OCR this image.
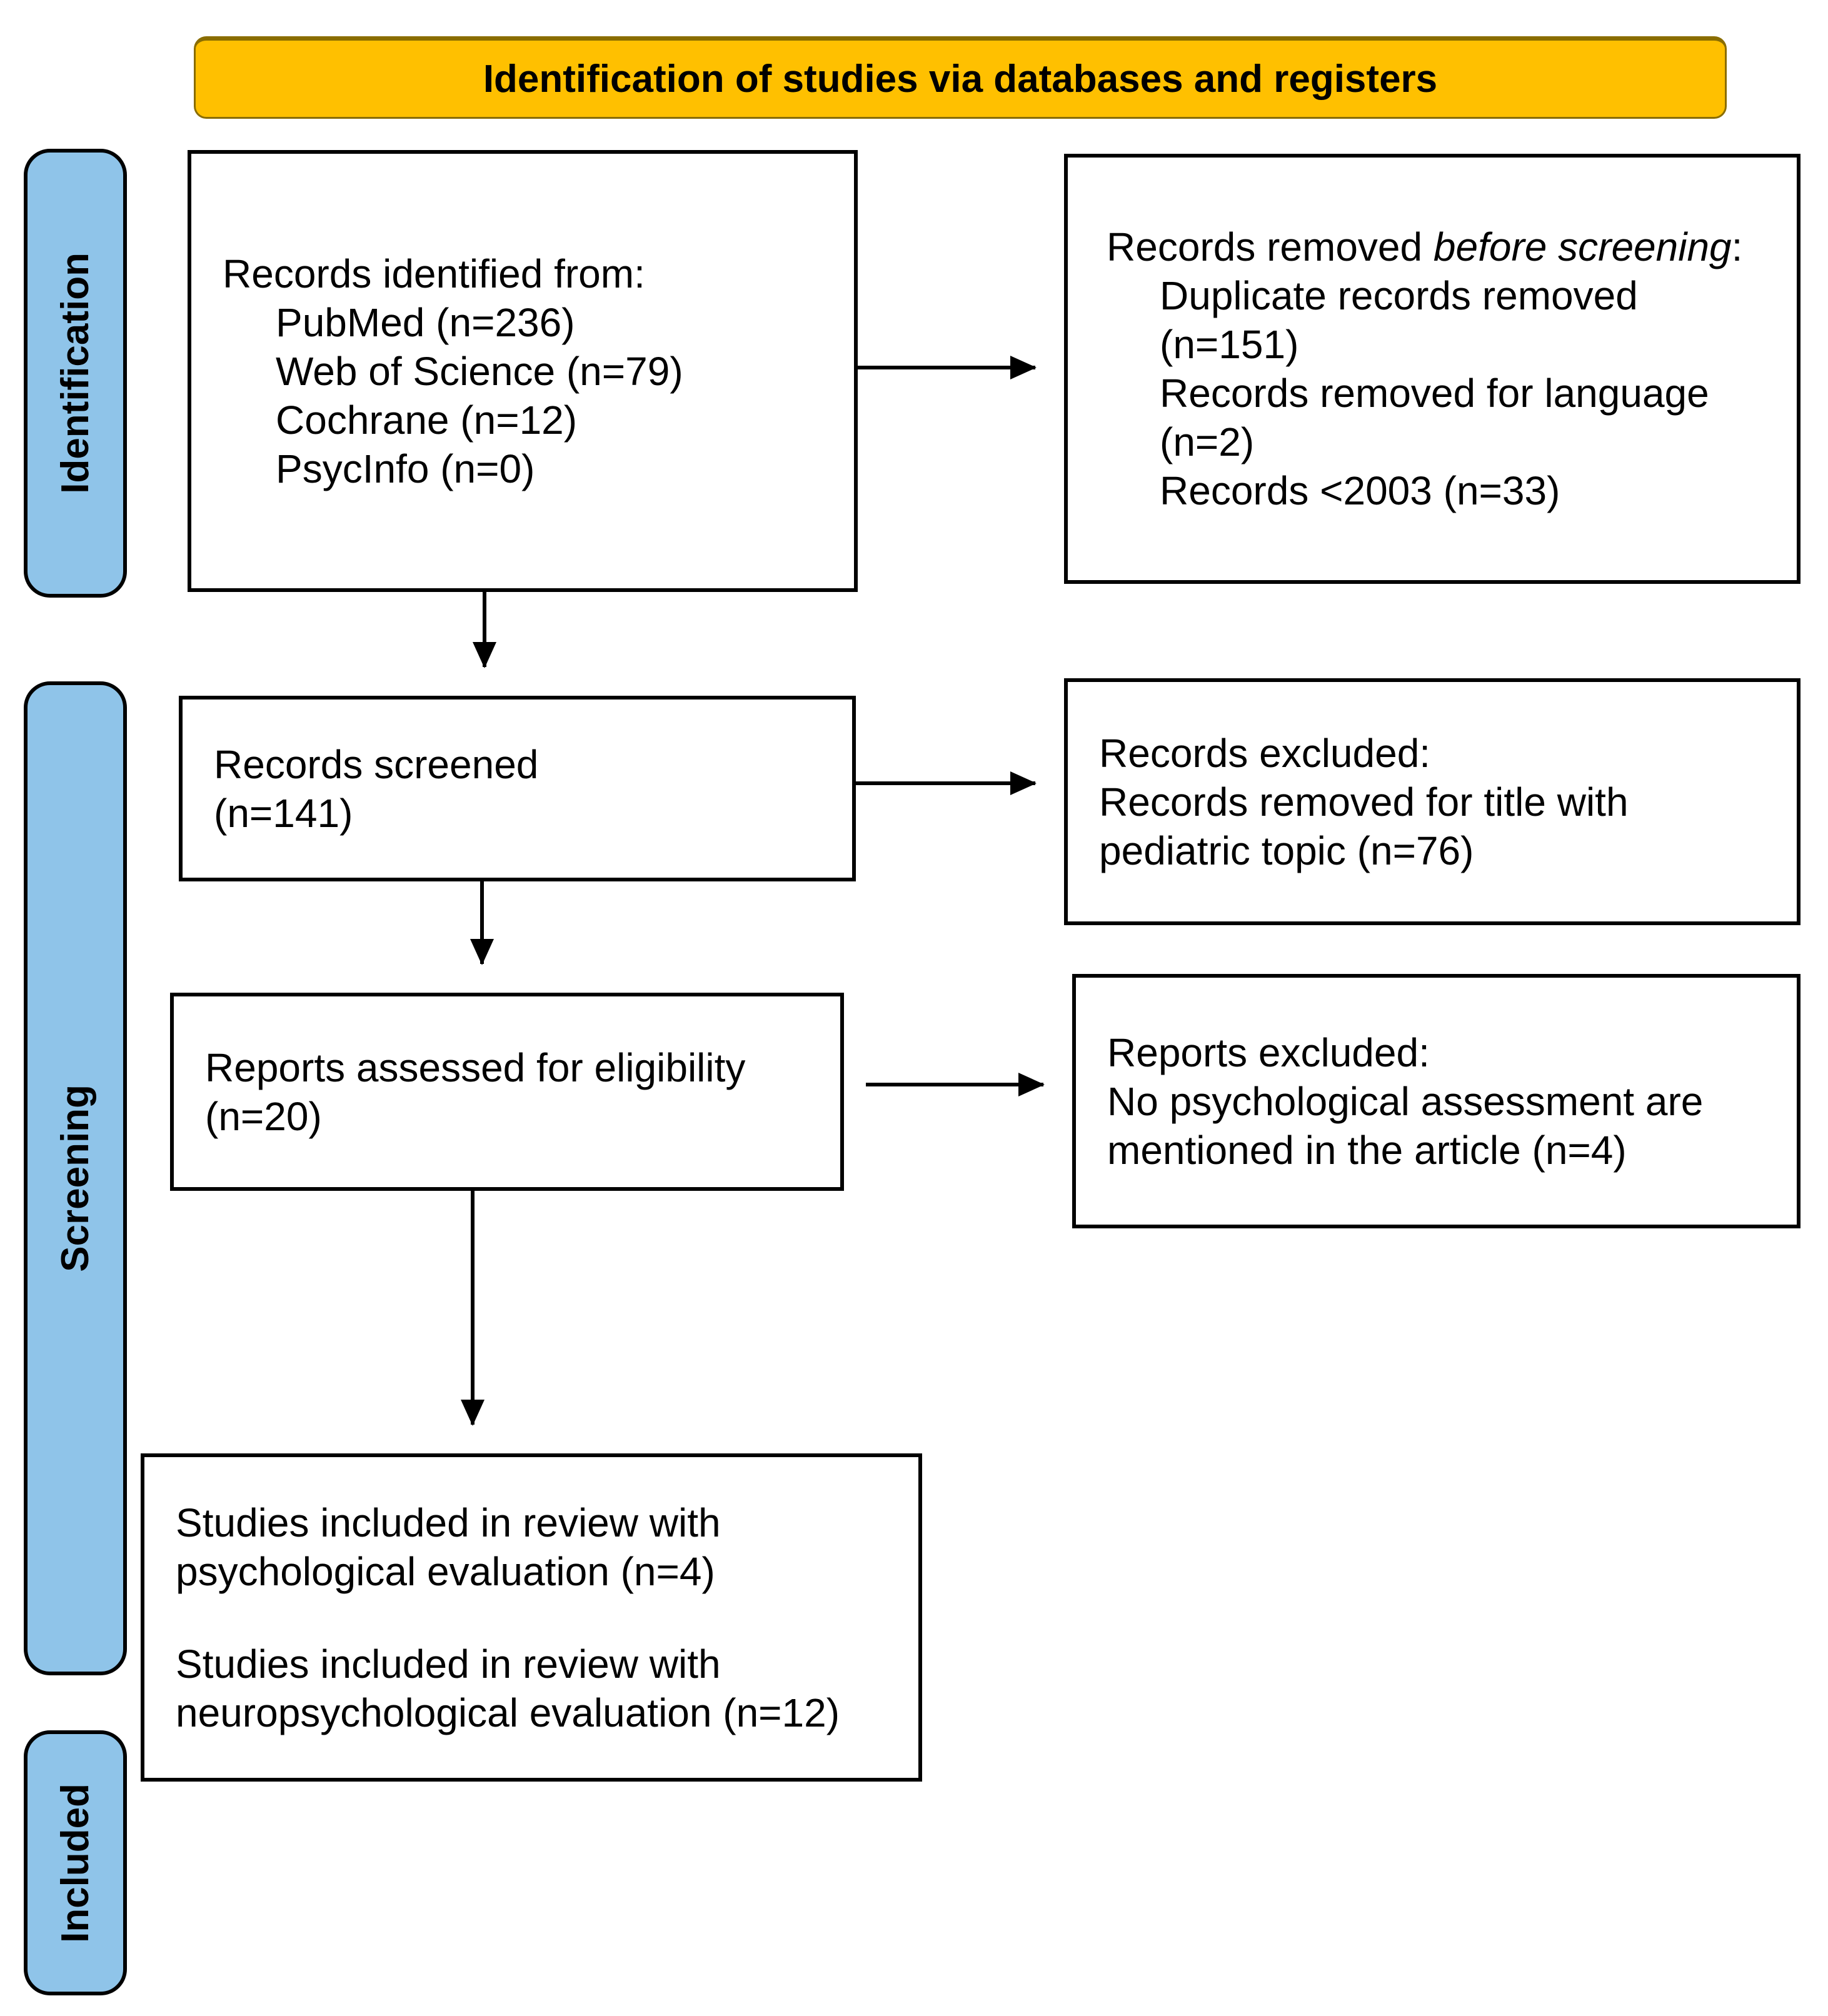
Identification of studies via databases and registers
Identification
Screening
Included
Records identified from:
PubMed (n=236)
Web of Science (n=79)
Cochrane (n=12)
PsycInfo (n=0)
Records removed before screening:
Duplicate records removed (n=151)
Records removed for language (n=2)
Records <2003 (n=33)
Records screened
(n=141)
Records excluded:
Records removed for title with pediatric topic (n=76)
Reports assessed for eligibility
(n=20)
Reports excluded:
No psychological assessment are mentioned in the article (n=4)
Studies included in review with psychological evaluation (n=4)
Studies included in review with neuropsychological evaluation (n=12)
